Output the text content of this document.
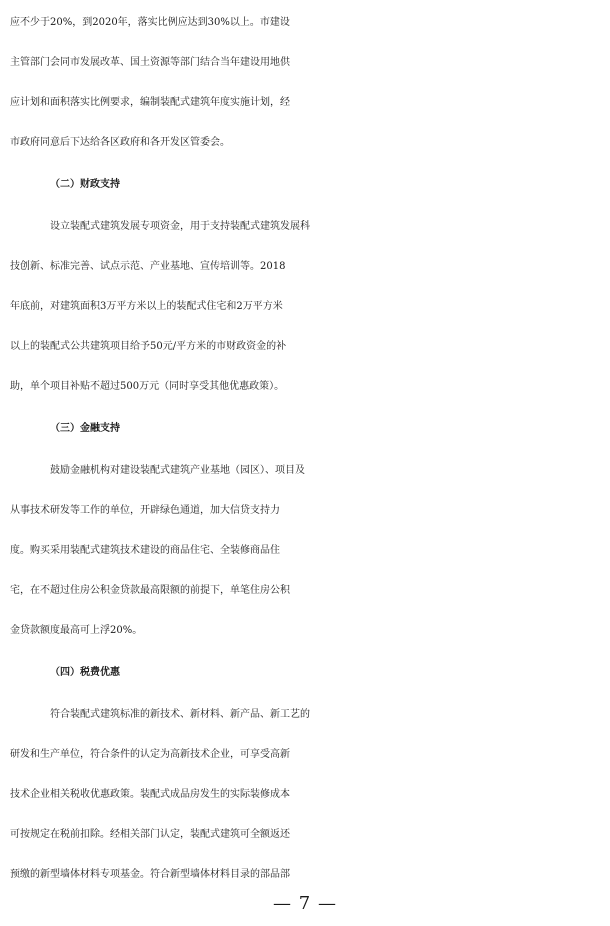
应不少于20%，到2020年，落实比例应达到30%以上。市建设
主管部门会同市发展改革、国土资源等部门结合当年建设用地供
应计划和面积落实比例要求，编制装配式建筑年度实施计划，经
市政府同意后下达给各区政府和各开发区管委会。
（二）财政支持
设立装配式建筑发展专项资金，用于支持装配式建筑发展科
技创新、标准完善、试点示范、产业基地、宣传培训等。2018
年底前，对建筑面积3万平方米以上的装配式住宅和2万平方米
以上的装配式公共建筑项目给予50元/平方米的市财政资金的补
助，单个项目补贴不超过500万元（同时享受其他优惠政策）。
（三）金融支持
鼓励金融机构对建设装配式建筑产业基地（园区）、项目及
从事技术研发等工作的单位，开辟绿色通道，加大信贷支持力
度。购买采用装配式建筑技术建设的商品住宅、全装修商品住
宅，在不超过住房公积金贷款最高限额的前提下，单笔住房公积
金贷款额度最高可上浮20%。
（四）税费优惠
符合装配式建筑标准的新技术、新材料、新产品、新工艺的
研发和生产单位，符合条件的认定为高新技术企业，可享受高新
技术企业相关税收优惠政策。装配式成品房发生的实际装修成本
可按规定在税前扣除。经相关部门认定，装配式建筑可全额返还
预缴的新型墙体材料专项基金。符合新型墙体材料目录的部品部
— 7 —
